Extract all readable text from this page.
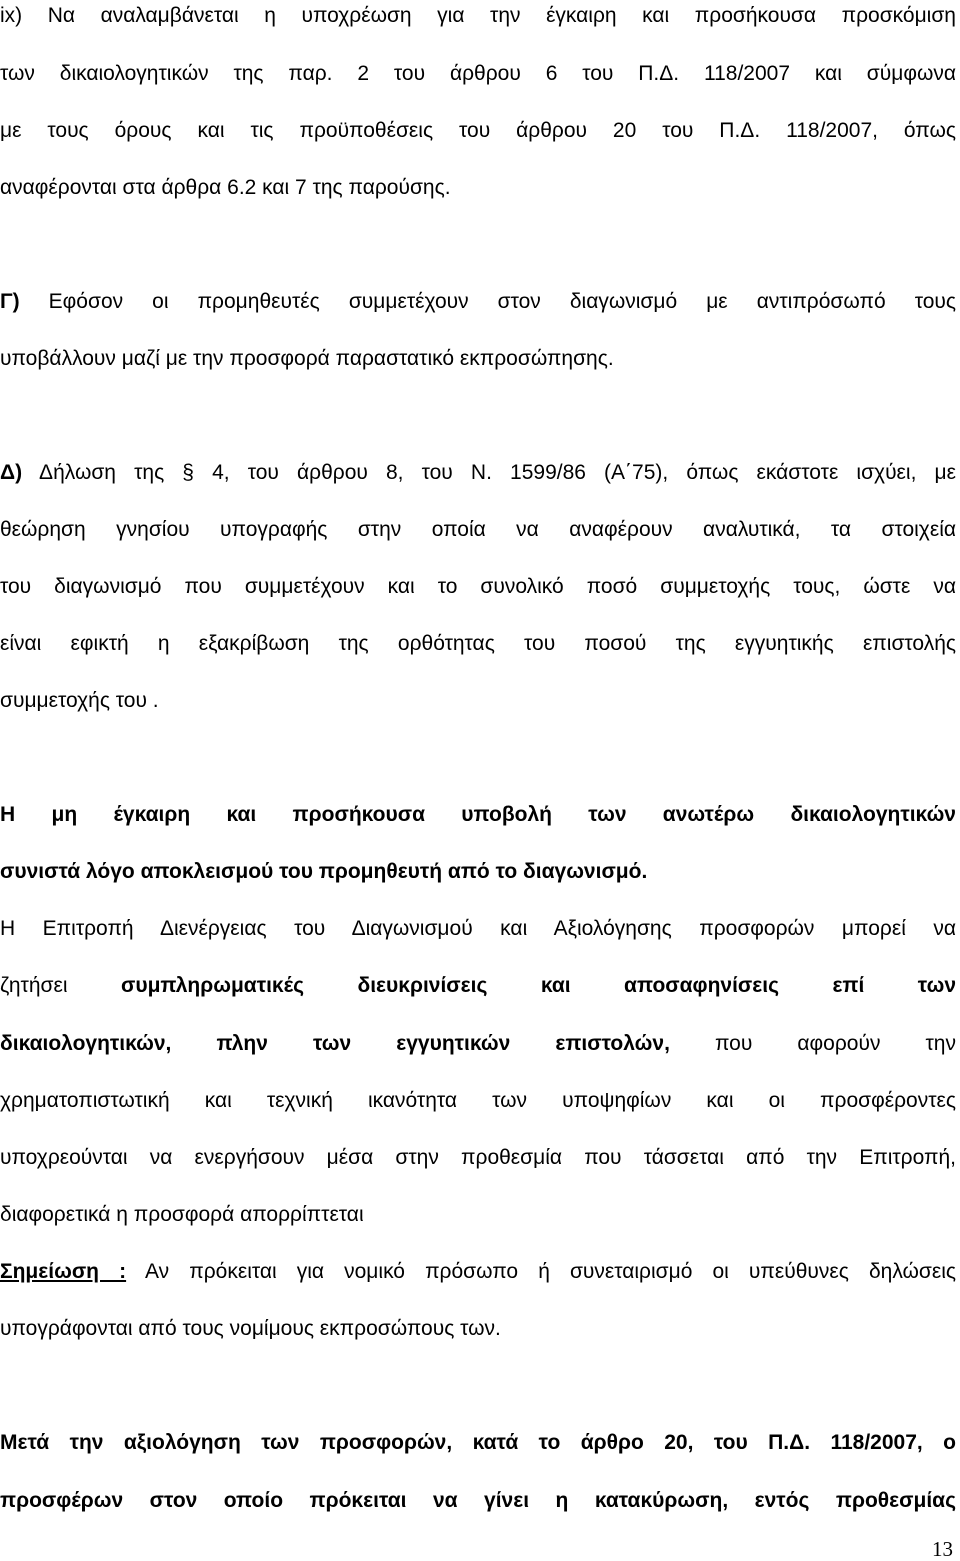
ix) Να αναλαμβάνεται η υποχρέωση για την έγκαιρη και προσήκουσα προσκόμιση
των δικαιολογητικών της παρ. 2 του άρθρου 6 του Π.Δ. 118/2007 και σύμφωνα
με τους όρους και τις προϋποθέσεις του άρθρου 20 του Π.Δ. 118/2007, όπως
αναφέρονται στα άρθρα 6.2 και 7 της παρούσης.
Γ) Εφόσον οι προμηθευτές συμμετέχουν στον διαγωνισμό με αντιπρόσωπό τους
υποβάλλουν μαζί με την προσφορά παραστατικό εκπροσώπησης.
Δ) Δήλωση της § 4, του άρθρου 8, του Ν. 1599/86 (Α΄75), όπως εκάστοτε ισχύει, με
θεώρηση γνησίου υπογραφής στην οποία να αναφέρουν αναλυτικά, τα στοιχεία
του διαγωνισμό που συμμετέχουν και το συνολικό ποσό συμμετοχής τους, ώστε να
είναι εφικτή η εξακρίβωση της ορθότητας του ποσού της εγγυητικής επιστολής
συμμετοχής του .
Η μη έγκαιρη και προσήκουσα υποβολή των ανωτέρω δικαιολογητικών
συνιστά λόγο αποκλεισμού του προμηθευτή από το διαγωνισμό.
Η Επιτροπή Διενέργειας του Διαγωνισμού και Αξιολόγησης προσφορών μπορεί να
ζητήσει συμπληρωματικές διευκρινίσεις και αποσαφηνίσεις επί των
δικαιολογητικών, πλην των εγγυητικών επιστολών, που αφορούν την
χρηματοπιστωτική και τεχνική ικανότητα των υποψηφίων και οι προσφέροντες
υποχρεούνται να ενεργήσουν μέσα στην προθεσμία που τάσσεται από την Επιτροπή,
διαφορετικά η προσφορά απορρίπτεται
Σημείωση : Αν πρόκειται για νομικό πρόσωπο ή συνεταιρισμό οι υπεύθυνες δηλώσεις
υπογράφονται από τους νομίμους εκπροσώπους των.
Μετά την αξιολόγηση των προσφορών, κατά το άρθρο 20, του Π.Δ. 118/2007, ο
προσφέρων στον οποίο πρόκειται να γίνει η κατακύρωση, εντός προθεσμίας
13
